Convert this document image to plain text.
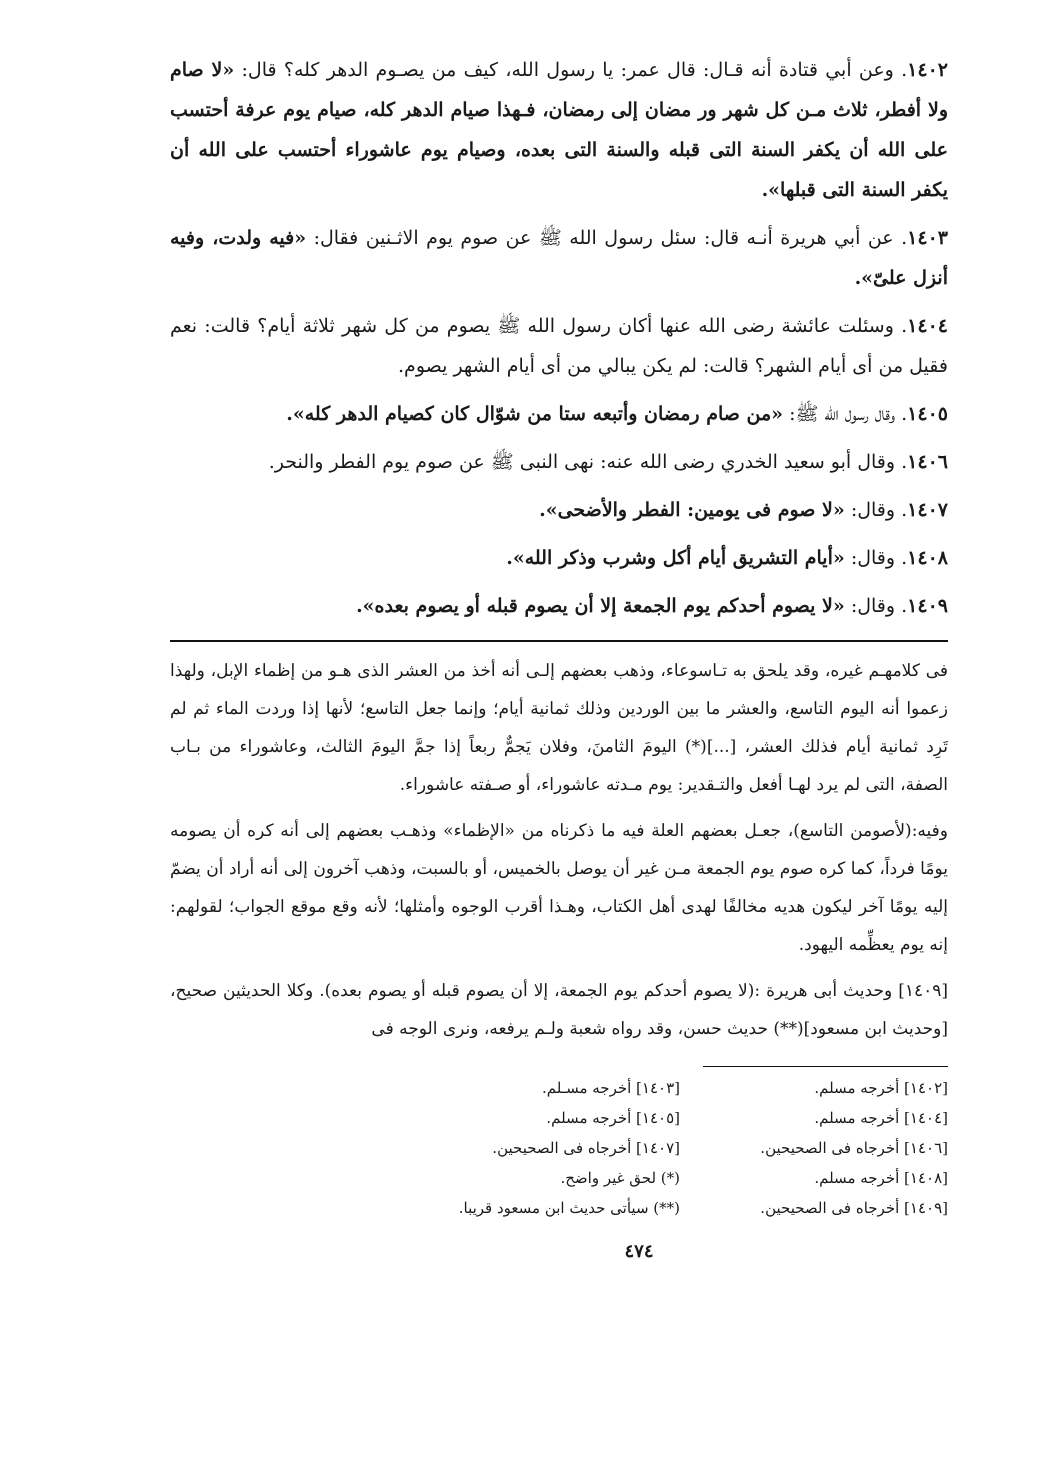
١٤٠٢. وعن أبي قتادة أنه قـال: قال عمر: يا رسول الله، كيف من يصـوم الدهر كله؟ قال: «لا صام ولا أفطر، ثلاث مـن كل شهر ور مضان إلى رمضان، فـهذا صيام الدهر كله، صيام يوم عرفة أحتسب على الله أن يكفر السنة التى قبله والسنة التى بعده، وصيام يوم عاشوراء أحتسب على الله أن يكفر السنة التى قبلها».

١٤٠٣. عن أبي هريرة أنـه قال: سئل رسول الله ﷺ عن صوم يوم الاثـنين فقال: «فيه ولدت، وفيه أنزل علىّ».

١٤٠٤. وسئلت عائشة رضى الله عنها أكان رسول الله ﷺ يصوم من كل شهر ثلاثة أيام؟ قالت: نعم فقيل من أى أيام الشهر؟ قالت: لم يكن يبالي من أى أيام الشهر يصوم.

١٤٠٥. وقال رسول الله ﷺ: «من صام رمضان وأتبعه ستا من شوّال كان كصيام الدهر كله».

١٤٠٦. وقال أبو سعيد الخدري رضى الله عنه: نهى النبى ﷺ عن صوم يوم الفطر والنحر.

١٤٠٧. وقال: «لا صوم فى يومين: الفطر والأضحى».

١٤٠٨. وقال: «أيام التشريق أيام أكل وشرب وذكر الله».

١٤٠٩. وقال: «لا يصوم أحدكم يوم الجمعة إلا أن يصوم قبله أو يصوم بعده».

فى كلامهـم غيره، وقد يلحق به تـاسوعاء، وذهب بعضهم إلـى أنه أخذ من العشر الذى هـو من إظماء الإبل، ولهذا زعموا أنه اليوم التاسع، والعشر ما بين الوردين وذلك ثمانية أيام؛ وإنما جعل التاسع؛ لأنها إذا وردت الماء ثم لم تَرِد ثمانية أيام فذلك العشر، [...](*) اليومَ الثامنَ، وفلان يَجمٌّ ربعاً إذا جمَّ اليومَ الثالث، وعاشوراء من بـاب الصفة، التى لم يرد لهـا أفعل والتـقدير: يوم مـدته عاشوراء، أو صـفته عاشوراء.

وفيه:(لأصومن التاسع)، جعـل بعضهم العلة فيه ما ذكرناه من «الإظماء» وذهـب بعضهم إلى أنه كره أن يصومه يومًا فرداً، كما كره صوم يوم الجمعة مـن غير أن يوصل بالخميس، أو بالسبت، وذهب آخرون إلى أنه أراد أن يضمّ إليه يومًا آخر ليكون هديه مخالفًا لهدى أهل الكتاب، وهـذا أقرب الوجوه وأمثلها؛ لأنه وقع موقع الجواب؛ لقولهم: إنه يوم يعظِّمه اليهود.

[١٤٠٩] وحديث أبى هريرة :(لا يصوم أحدكم يوم الجمعة، إلا أن يصوم قبله أو يصوم بعده). وكلا الحديثين صحيح، [وحديث ابن مسعود](**) حديث حسن، وقد رواه شعبة ولـم يرفعه، ونرى الوجه فى

[١٤٠٢] أخرجه مسلم.
[١٤٠٣] أخرجه مسـلم.
[١٤٠٤] أخرجه مسلم.
[١٤٠٥] أخرجه مسلم.
[١٤٠٦] أخرجاه فى الصحيحين.
[١٤٠٧] أخرجاه فى الصحيحين.
[١٤٠٨] أخرجه مسلم.
(*) لحق غير واضح.
[١٤٠٩] أخرجاه فى الصحيحين.
(**) سيأتى حديث ابن مسعود قريبا.
٤٧٤
